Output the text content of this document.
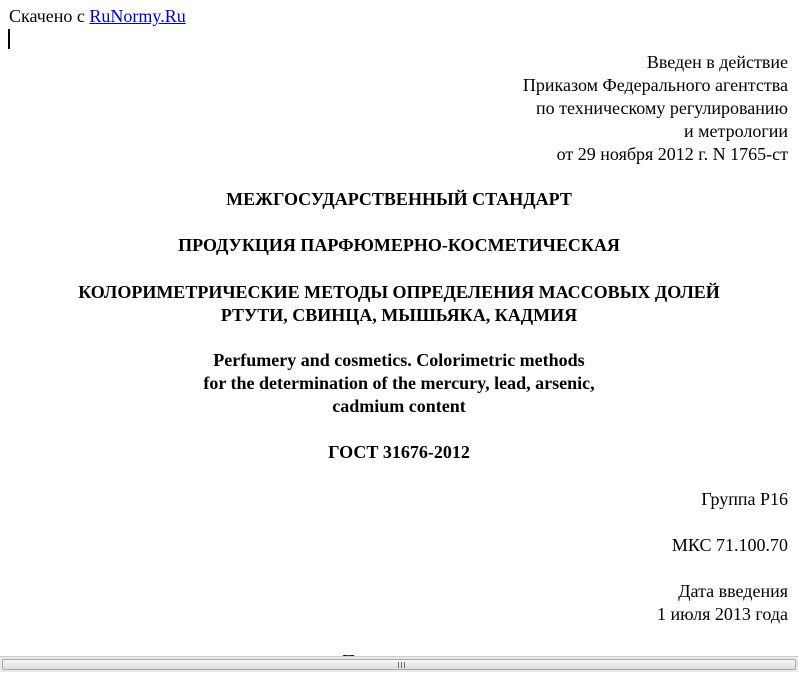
Скачено с RuNormy.Ru
Введен в действие
Приказом Федерального агентства
по техническому регулированию
и метрологии
от 29 ноября 2012 г. N 1765-ст
МЕЖГОСУДАРСТВЕННЫЙ СТАНДАРТ
ПРОДУКЦИЯ ПАРФЮМЕРНО-КОСМЕТИЧЕСКАЯ
КОЛОРИМЕТРИЧЕСКИЕ МЕТОДЫ ОПРЕДЕЛЕНИЯ МАССОВЫХ ДОЛЕЙ
РТУТИ, СВИНЦА, МЫШЬЯКА, КАДМИЯ
Perfumery and cosmetics. Colorimetric methods
for the determination of the mercury, lead, arsenic,
cadmium content
ГОСТ 31676-2012
Группа Р16
МКС 71.100.70
Дата введения
1 июля 2013 года
